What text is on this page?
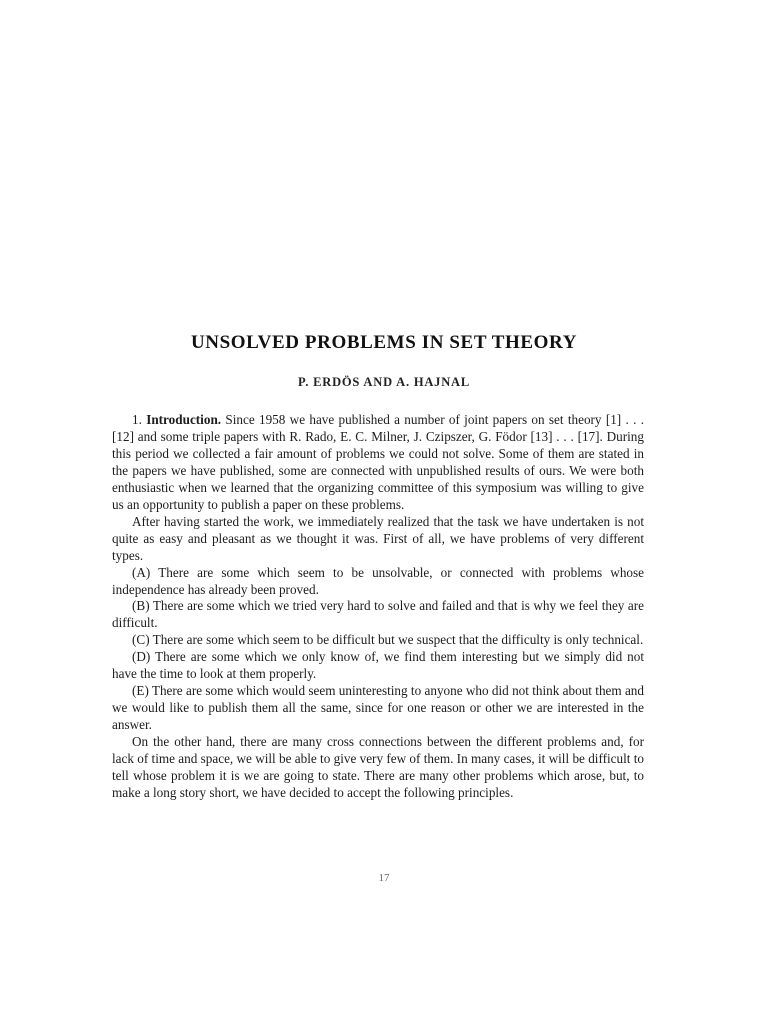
UNSOLVED PROBLEMS IN SET THEORY
P. ERDÖS AND A. HAJNAL

1. Introduction. Since 1958 we have published a number of joint papers on set theory [1] . . . [12] and some triple papers with R. Rado, E. C. Milner, J. Czipszer, G. Födor [13] . . . [17]. During this period we collected a fair amount of problems we could not solve. Some of them are stated in the papers we have published, some are connected with unpublished results of ours. We were both enthusiastic when we learned that the organizing committee of this symposium was willing to give us an opportunity to publish a paper on these problems.

After having started the work, we immediately realized that the task we have undertaken is not quite as easy and pleasant as we thought it was. First of all, we have problems of very different types.

(A) There are some which seem to be unsolvable, or connected with problems whose independence has already been proved.

(B) There are some which we tried very hard to solve and failed and that is why we feel they are difficult.

(C) There are some which seem to be difficult but we suspect that the difficulty is only technical.

(D) There are some which we only know of, we find them interesting but we simply did not have the time to look at them properly.

(E) There are some which would seem uninteresting to anyone who did not think about them and we would like to publish them all the same, since for one reason or other we are interested in the answer.

On the other hand, there are many cross connections between the different problems and, for lack of time and space, we will be able to give very few of them. In many cases, it will be difficult to tell whose problem it is we are going to state. There are many other problems which arose, but, to make a long story short, we have decided to accept the following principles.

17
